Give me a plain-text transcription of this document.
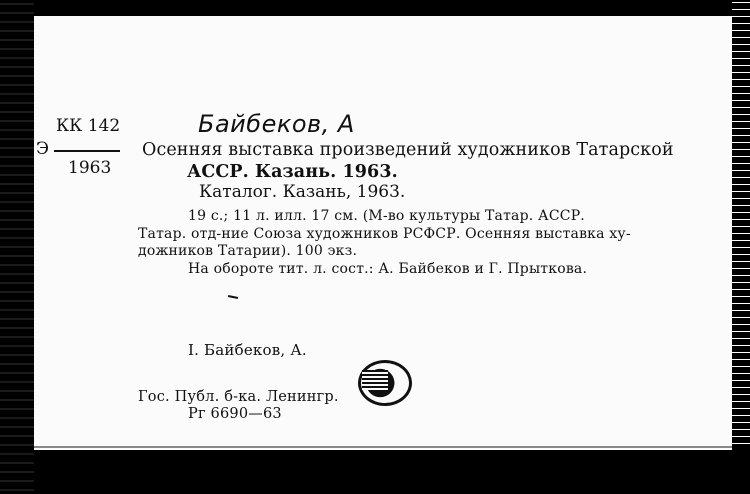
КК 142
Э
1963
Байбеков, А
Осенняя выставка произведений художников Татарской
АССР. Казань. 1963.
Каталог. Казань, 1963.
19 с.; 11 л. илл. 17 см. (М-во культуры Татар. АССР.
Татар. отд-ние Союза художников РСФСР. Осенняя выставка ху-
дожников Татарии). 100 экз.
На обороте тит. л. сост.: А. Байбеков и Г. Прыткова.
I. Байбеков, А.
Гос. Публ. б-ка. Ленингр.
Рг 6690—63
